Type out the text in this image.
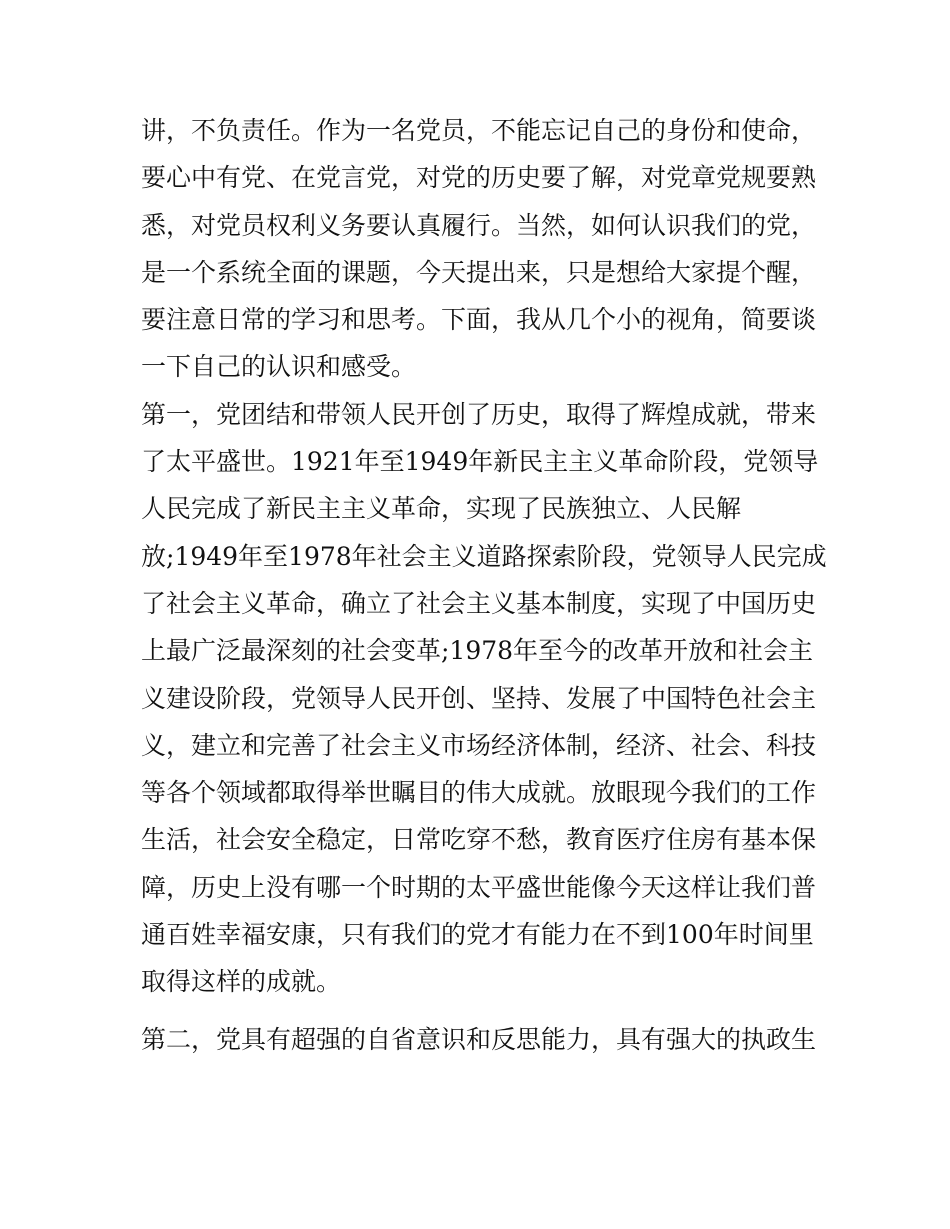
讲，不负责任。作为一名党员，不能忘记自己的身份和使命，
要心中有党、在党言党，对党的历史要了解，对党章党规要熟
悉，对党员权利义务要认真履行。当然，如何认识我们的党，
是一个系统全面的课题，今天提出来，只是想给大家提个醒，
要注意日常的学习和思考。下面，我从几个小的视角，简要谈
一下自己的认识和感受。
第一，党团结和带领人民开创了历史，取得了辉煌成就，带来
了太平盛世。1921年至1949年新民主主义革命阶段，党领导
人民完成了新民主主义革命，实现了民族独立、人民解
放;1949年至1978年社会主义道路探索阶段，党领导人民完成
了社会主义革命，确立了社会主义基本制度，实现了中国历史
上最广泛最深刻的社会变革;1978年至今的改革开放和社会主
义建设阶段，党领导人民开创、坚持、发展了中国特色社会主
义，建立和完善了社会主义市场经济体制，经济、社会、科技
等各个领域都取得举世瞩目的伟大成就。放眼现今我们的工作
生活，社会安全稳定，日常吃穿不愁，教育医疗住房有基本保
障，历史上没有哪一个时期的太平盛世能像今天这样让我们普
通百姓幸福安康，只有我们的党才有能力在不到100年时间里
取得这样的成就。
第二，党具有超强的自省意识和反思能力，具有强大的执政生
